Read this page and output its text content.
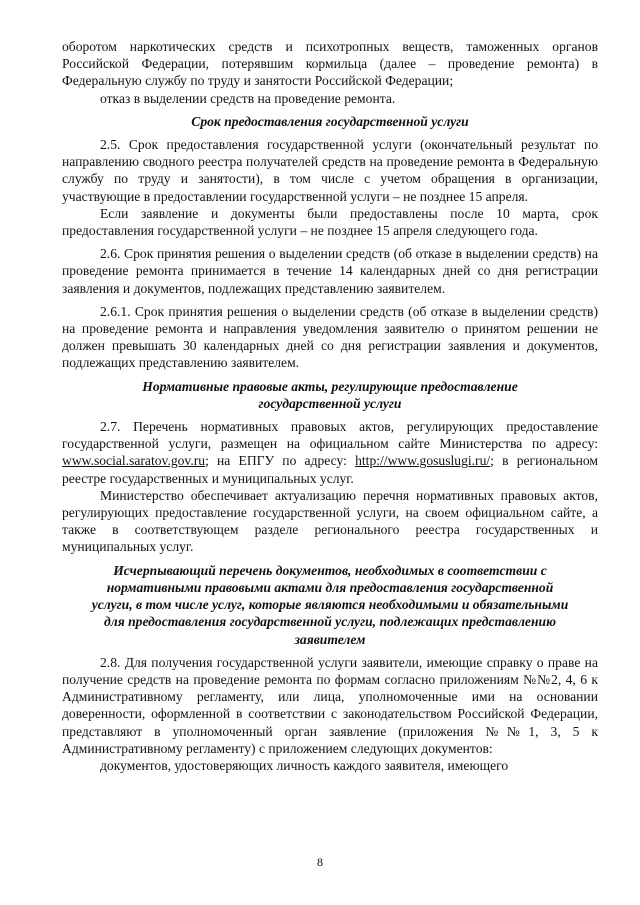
оборотом наркотических средств и психотропных веществ, таможенных органов Российской Федерации, потерявшим кормильца (далее – проведение ремонта) в Федеральную службу по труду и занятости Российской Федерации;

отказ в выделении средств на проведение ремонта.

Срок предоставления государственной услуги

2.5. Срок предоставления государственной услуги (окончательный результат по направлению сводного реестра получателей средств на проведение ремонта в Федеральную службу по труду и занятости), в том числе с учетом обращения в организации, участвующие в предоставлении государственной услуги – не позднее 15 апреля.

Если заявление и документы были предоставлены после 10 марта, срок предоставления государственной услуги – не позднее 15 апреля следующего года.

2.6. Срок принятия решения о выделении средств (об отказе в выделении средств) на проведение ремонта принимается в течение 14 календарных дней со дня регистрации заявления и документов, подлежащих представлению заявителем.

2.6.1. Срок принятия решения о выделении средств (об отказе в выделении средств) на проведение ремонта и направления уведомления заявителю о принятом решении не должен превышать 30 календарных дней со дня регистрации заявления и документов, подлежащих представлению заявителем.

Нормативные правовые акты, регулирующие предоставление
государственной услуги

2.7. Перечень нормативных правовых актов, регулирующих предоставление государственной услуги, размещен на официальном сайте Министерства по адресу: www.social.saratov.gov.ru; на ЕПГУ по адресу: http://www.gosuslugi.ru/; в региональном реестре государственных и муниципальных услуг.

Министерство обеспечивает актуализацию перечня нормативных правовых актов, регулирующих предоставление государственной услуги, на своем официальном сайте, а также в соответствующем разделе регионального реестра государственных и муниципальных услуг.

Исчерпывающий перечень документов, необходимых в соответствии с
нормативными правовыми актами для предоставления государственной
услуги, в том числе услуг, которые являются необходимыми и обязательными
для предоставления государственной услуги, подлежащих представлению
заявителем

2.8. Для получения государственной услуги заявители, имеющие справку о праве на получение средств на проведение ремонта по формам согласно приложениям №№2, 4, 6 к Административному регламенту, или лица, уполномоченные ими на основании доверенности, оформленной в соответствии с законодательством Российской Федерации, представляют в уполномоченный орган заявление (приложения №№1, 3, 5 к Административному регламенту) с приложением следующих документов:

документов, удостоверяющих личность каждого заявителя, имеющего

8
